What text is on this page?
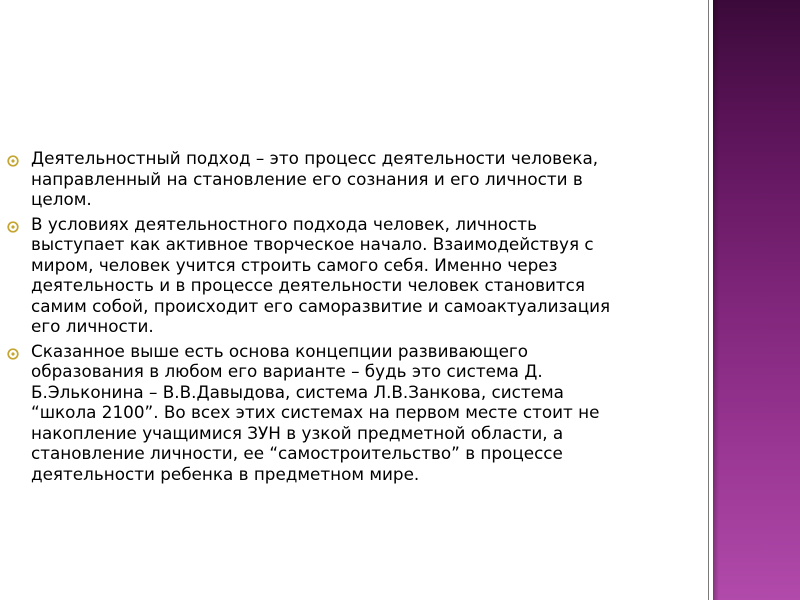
Деятельностный подход – это процесс деятельности человека, направленный на становление его сознания и его личности в целом.
В условиях деятельностного подхода человек, личность выступает как активное творческое начало. Взаимодействуя с миром, человек учится строить самого себя. Именно через деятельность и в процессе деятельности человек становится самим собой, происходит его саморазвитие и самоактуализация его личности.
Сказанное выше есть основа концепции развивающего образования в любом его варианте – будь это система Д. Б.Эльконина – В.В.Давыдова, система Л.В.Занкова, система “школа 2100”. Во всех этих системах на первом месте стоит не накопление учащимися ЗУН в узкой предметной области, а становление личности, ее “самостроительство” в процессе деятельности ребенка в предметном мире.
